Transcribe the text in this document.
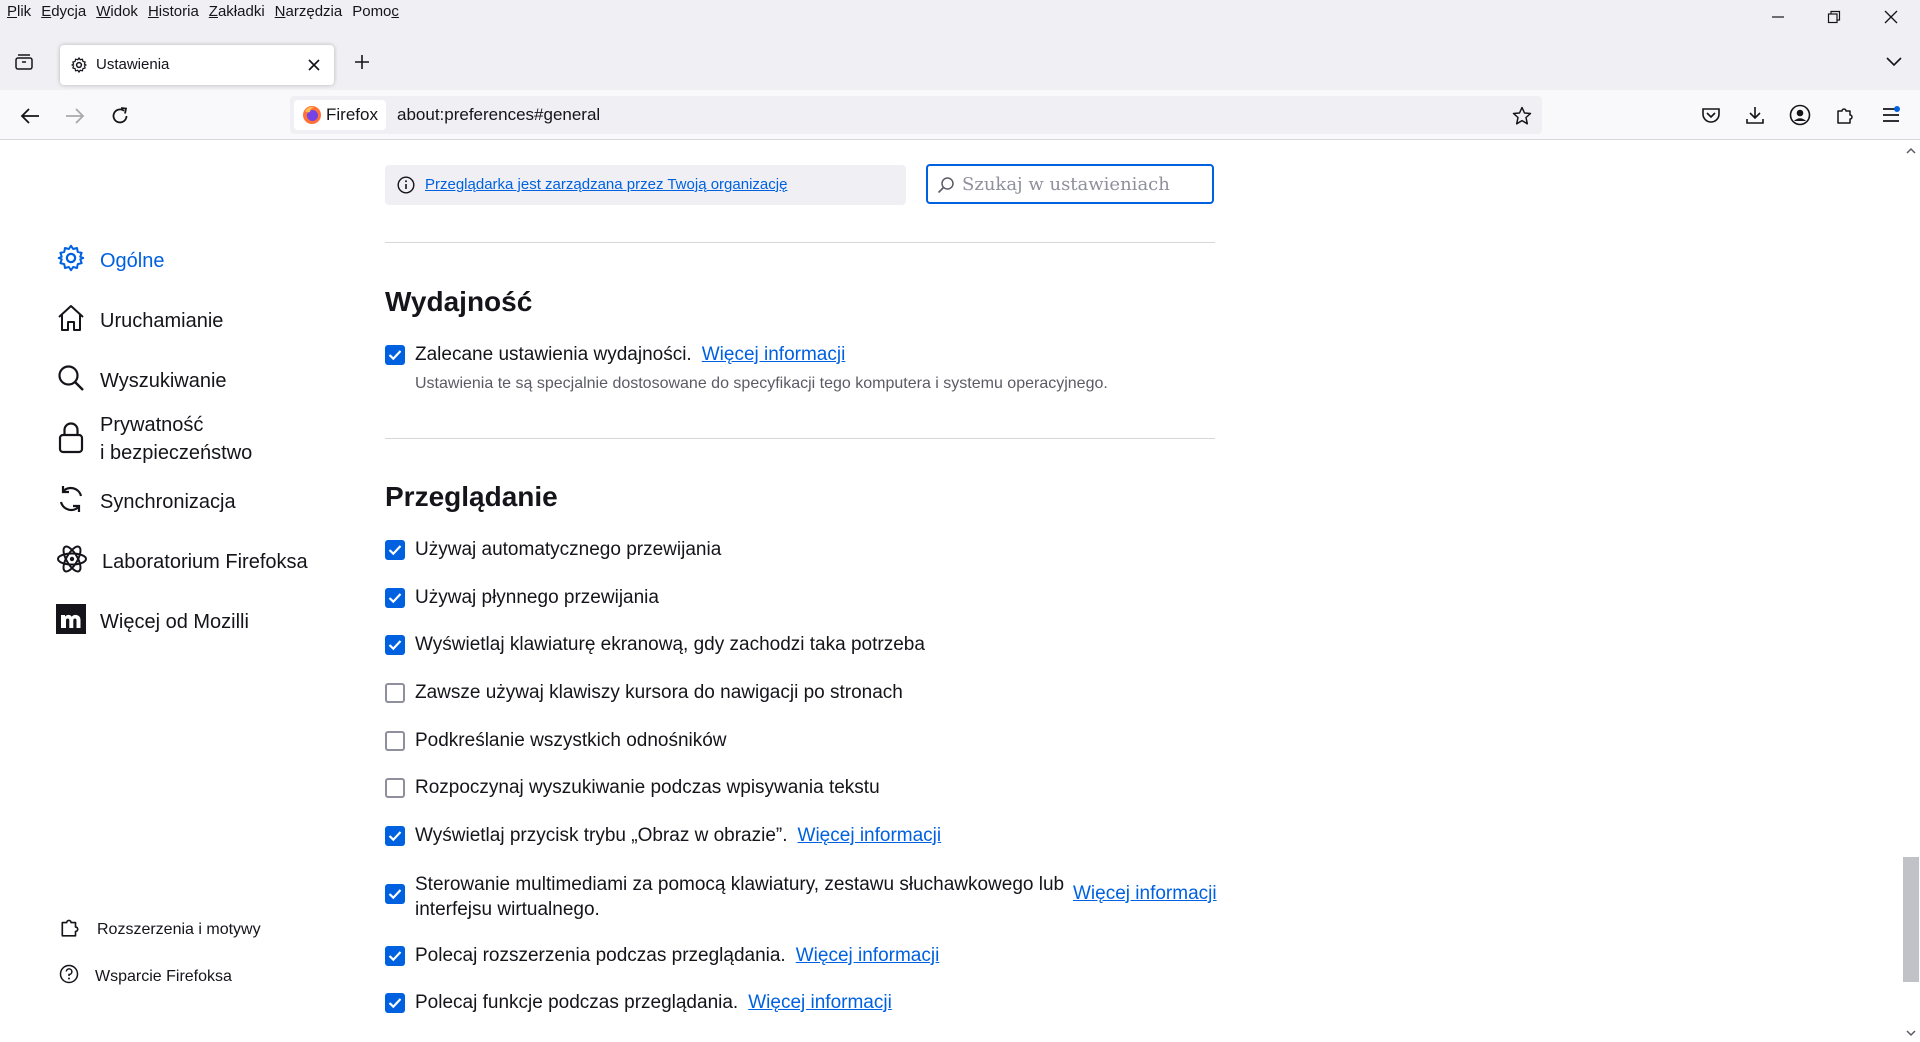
Plik Edycja Widok Historia Zakładki Narzędzia Pomoc
Ustawienia
Firefox about:preferences#general
Przeglądarka jest zarządzana przez Twoją organizację
Szukaj w ustawieniach
Ogólne
Uruchamianie
Wyszukiwanie
Prywatność
i bezpieczeństwo
Synchronizacja
Laboratorium Firefoksa
Więcej od Mozilli
Rozszerzenia i motywy
Wsparcie Firefoksa
Wydajność
Zalecane ustawienia wydajności. Więcej informacji
Ustawienia te są specjalnie dostosowane do specyfikacji tego komputera i systemu operacyjnego.
Przeglądanie
Używaj automatycznego przewijania
Używaj płynnego przewijania
Wyświetlaj klawiaturę ekranową, gdy zachodzi taka potrzeba
Zawsze używaj klawiszy kursora do nawigacji po stronach
Podkreślanie wszystkich odnośników
Rozpoczynaj wyszukiwanie podczas wpisywania tekstu
Wyświetlaj przycisk trybu „Obraz w obrazie”. Więcej informacji
Sterowanie multimediami za pomocą klawiatury, zestawu słuchawkowego lub
interfejsu wirtualnego.
Więcej informacji
Polecaj rozszerzenia podczas przeglądania. Więcej informacji
Polecaj funkcje podczas przeglądania. Więcej informacji
